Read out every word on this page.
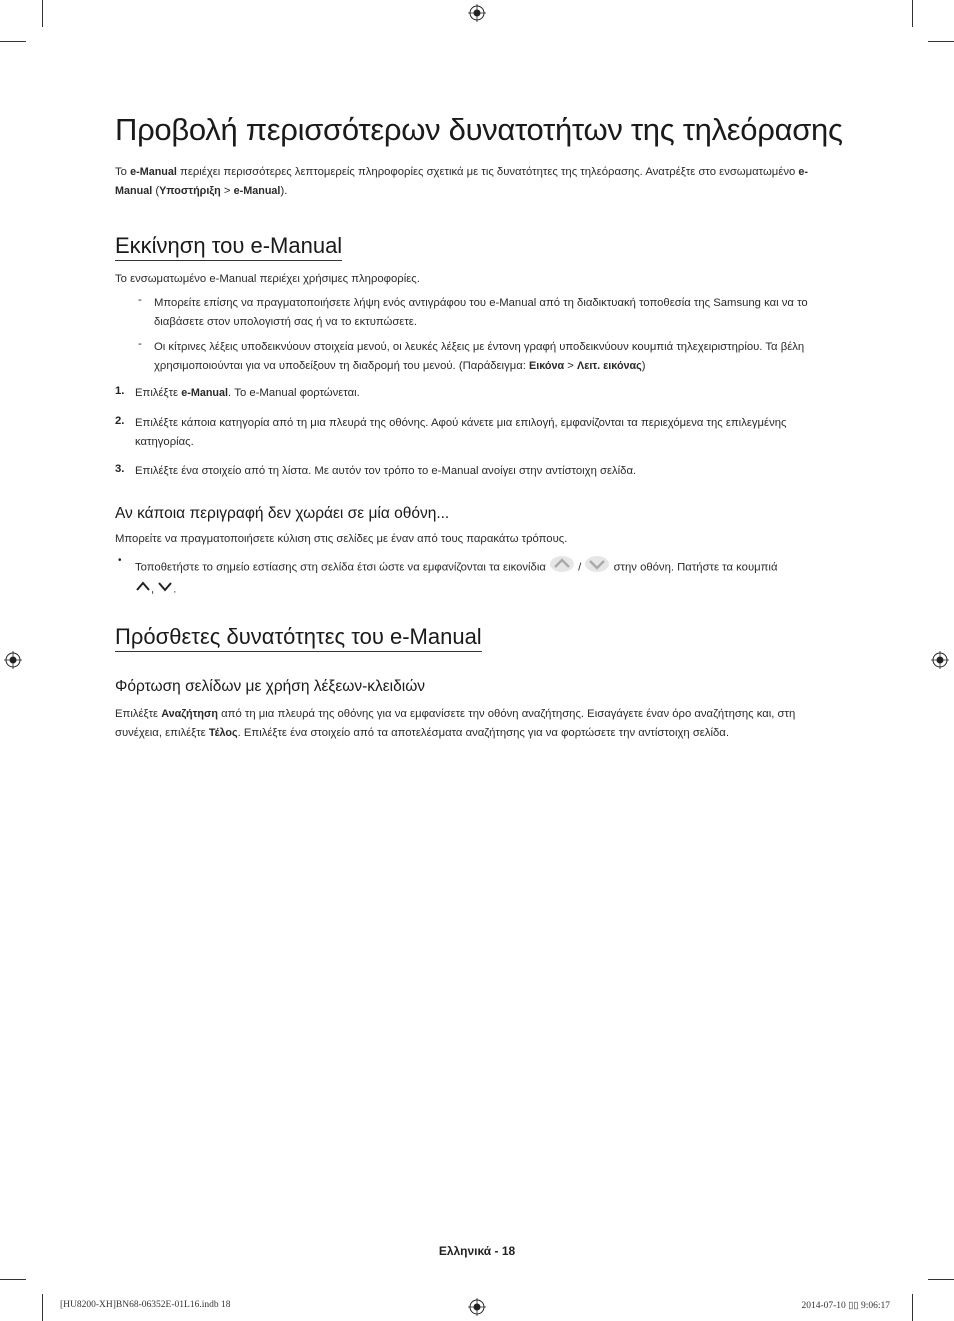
Προβολή περισσότερων δυνατοτήτων της τηλεόρασης

Το e-Manual περιέχει περισσότερες λεπτομερείς πληροφορίες σχετικά με τις δυνατότητες της τηλεόρασης. Ανατρέξτε στο ενσωματωμένο e-Manual (Υποστήριξη > e-Manual).

Εκκίνηση του e-Manual

Το ενσωματωμένο e-Manual περιέχει χρήσιμες πληροφορίες.

- Μπορείτε επίσης να πραγματοποιήσετε λήψη ενός αντιγράφου του e-Manual από τη διαδικτυακή τοποθεσία της Samsung και να το διαβάσετε στον υπολογιστή σας ή να το εκτυπώσετε.

- Οι κίτρινες λέξεις υποδεικνύουν στοιχεία μενού, οι λευκές λέξεις με έντονη γραφή υποδεικνύουν κουμπιά τηλεχειριστηρίου. Τα βέλη χρησιμοποιούνται για να υποδείξουν τη διαδρομή του μενού. (Παράδειγμα: Εικόνα > Λειτ. εικόνας)

1. Επιλέξτε e-Manual. Το e-Manual φορτώνεται.

2. Επιλέξτε κάποια κατηγορία από τη μια πλευρά της οθόνης. Αφού κάνετε μια επιλογή, εμφανίζονται τα περιεχόμενα της επιλεγμένης κατηγορίας.

3. Επιλέξτε ένα στοιχείο από τη λίστα. Με αυτόν τον τρόπο το e-Manual ανοίγει στην αντίστοιχη σελίδα.

Αν κάποια περιγραφή δεν χωράει σε μία οθόνη...

Μπορείτε να πραγματοποιήσετε κύλιση στις σελίδες με έναν από τους παρακάτω τρόπους.

•

Τοποθετήστε το σημείο εστίασης στη σελίδα έτσι ώστε να εμφανίζονται τα εικονίδια	/	στην οθόνη. Πατήστε τα κουμπιά
, .

Πρόσθετες δυνατότητες του e-Manual
Φόρτωση σελίδων με χρήση λέξεων-κλειδιών

Επιλέξτε Αναζήτηση από τη μια πλευρά της οθόνης για να εμφανίσετε την οθόνη αναζήτησης. Εισαγάγετε έναν όρο αναζήτησης και, στη συνέχεια, επιλέξτε Τέλος. Επιλέξτε ένα στοιχείο από τα αποτελέσματα αναζήτησης για να φορτώσετε την αντίστοιχη σελίδα.

Ελληνικά - 18
[HU8200-XH]BN68-06352E-01L16.indb 18	2014-07-10 ▯▯ 9:06:17
